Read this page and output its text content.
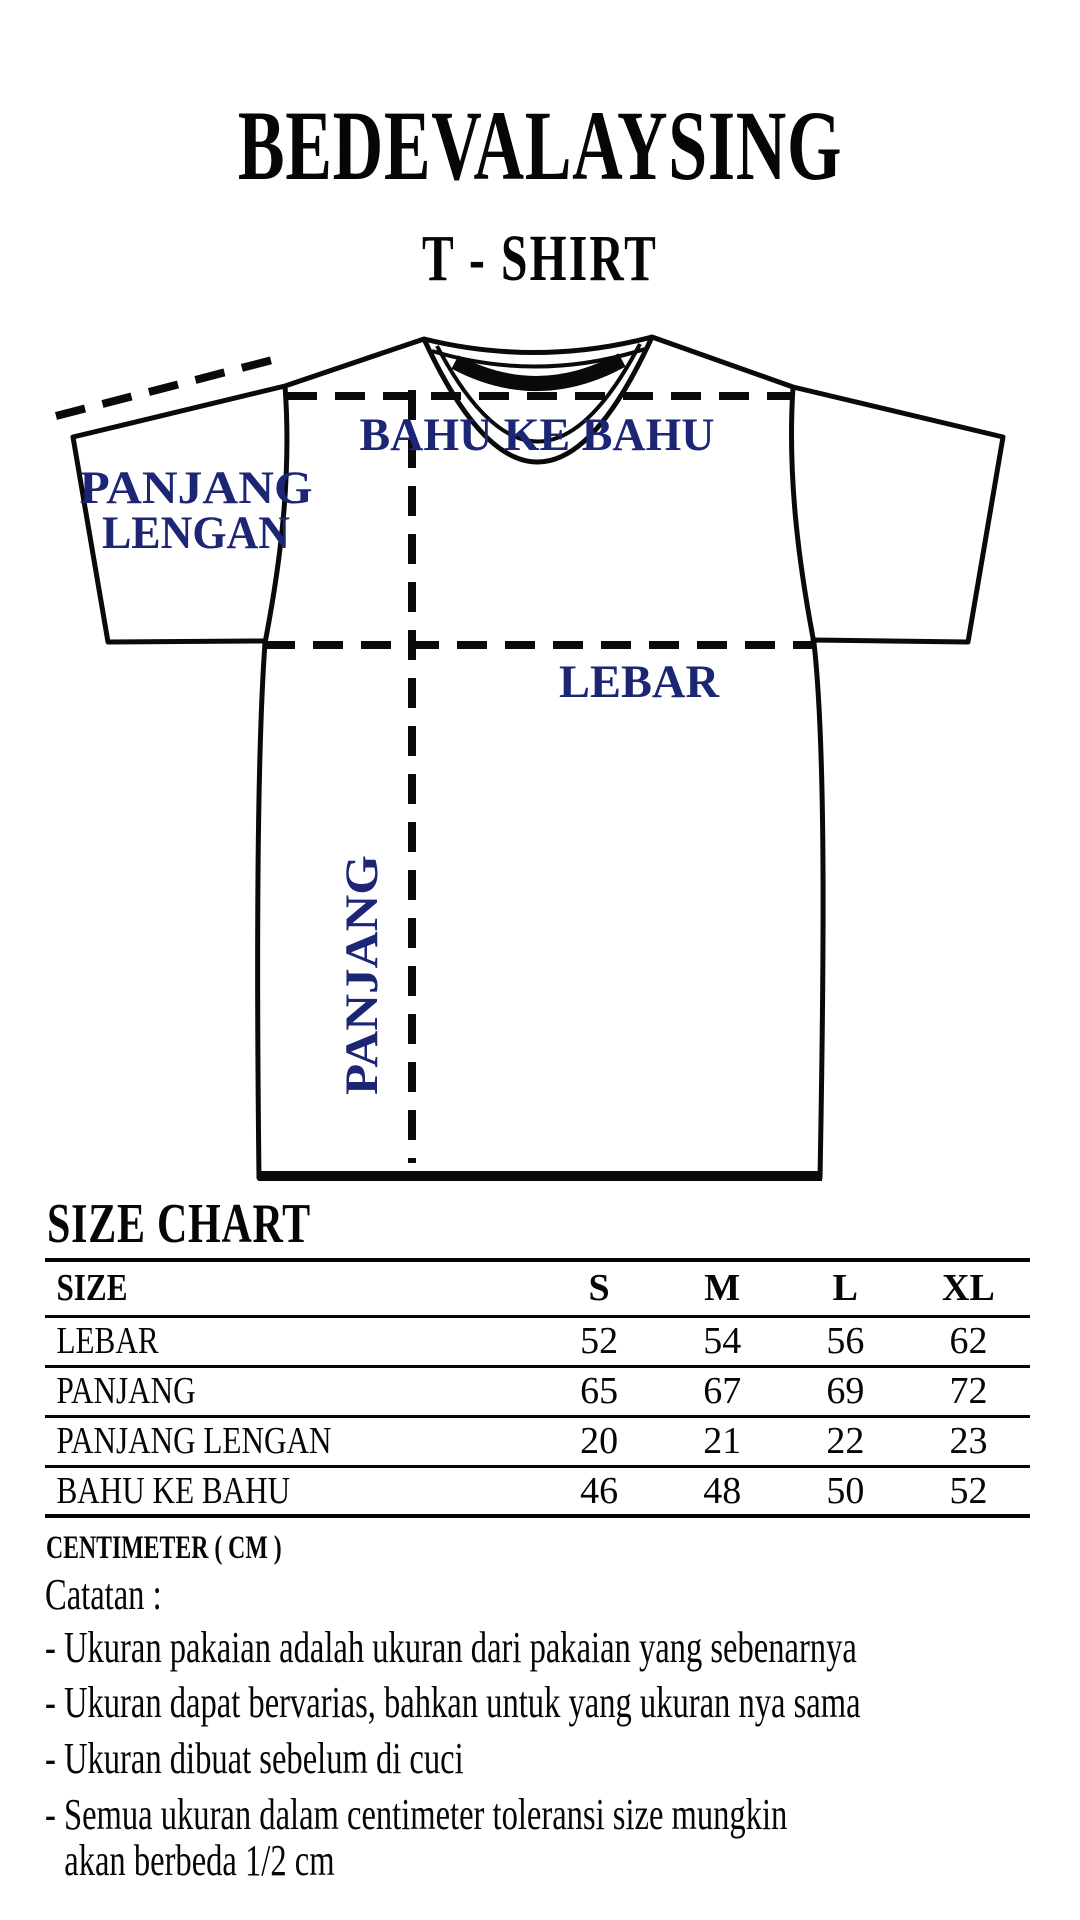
BEDEVALAYSING
T - SHIRT
BAHU KE BAHU
PANJANG
LENGAN
LEBAR
PANJANG
SIZE CHART
SIZE	S	M	L	XL
LEBAR	52	54	56	62
PANJANG	65	67	69	72
PANJANG LENGAN	20	21	22	23
BAHU KE BAHU	46	48	50	52
CENTIMETER ( CM )
Catatan :
- Ukuran pakaian adalah ukuran dari pakaian yang sebenarnya
- Ukuran dapat bervarias, bahkan untuk yang ukuran nya sama
- Ukuran dibuat sebelum di cuci
- Semua ukuran dalam centimeter toleransi size mungkin akan berbeda 1/2 cm
